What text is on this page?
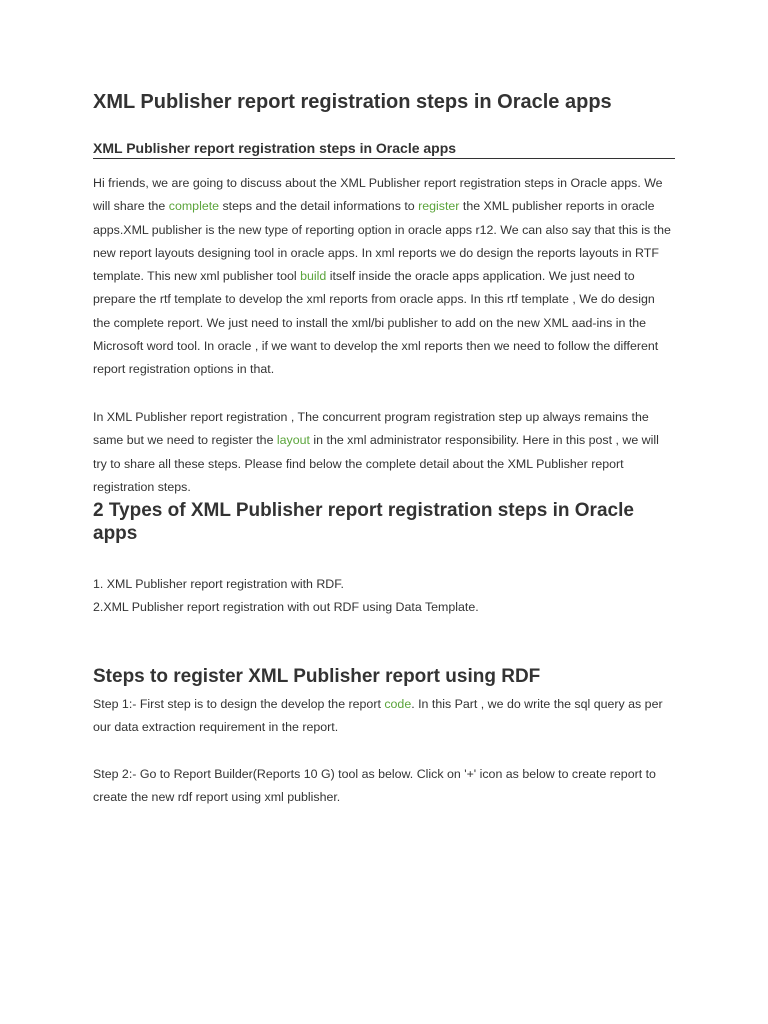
XML Publisher report registration steps in Oracle apps
XML Publisher report registration steps in Oracle apps

Hi friends, we are going to discuss about the XML Publisher report registration steps in Oracle apps. We will share the complete steps and the detail informations to register the XML publisher reports in oracle apps.XML publisher is the new type of reporting option in oracle apps r12. We can also say that this is the new report layouts designing tool in oracle apps. In xml reports we do design the reports layouts in RTF template. This new xml publisher tool build itself inside the oracle apps application. We just need to prepare the rtf template to develop the xml reports from oracle apps. In this rtf template , We do design the complete report. We just need to install the xml/bi publisher to add on the new XML aad-ins in the Microsoft word tool. In oracle , if we want to develop the xml reports then we need to follow the different report registration options in that.

In XML Publisher report registration , The concurrent program registration step up always remains the same but we need to register the layout in the xml administrator responsibility. Here in this post , we will try to share all these steps. Please find below the complete detail about the XML Publisher report registration steps.

2 Types of XML Publisher report registration steps in Oracle apps
1. XML Publisher report registration with RDF.
2.XML Publisher report registration with out RDF using Data Template.
Steps to register XML Publisher report using RDF

Step 1:- First step is to design the develop the report code. In this Part , we do write the sql query as per our data extraction requirement in the report.

Step 2:- Go to Report Builder(Reports 10 G) tool as below. Click on '+' icon as below to create report to create the new rdf report using xml publisher.
